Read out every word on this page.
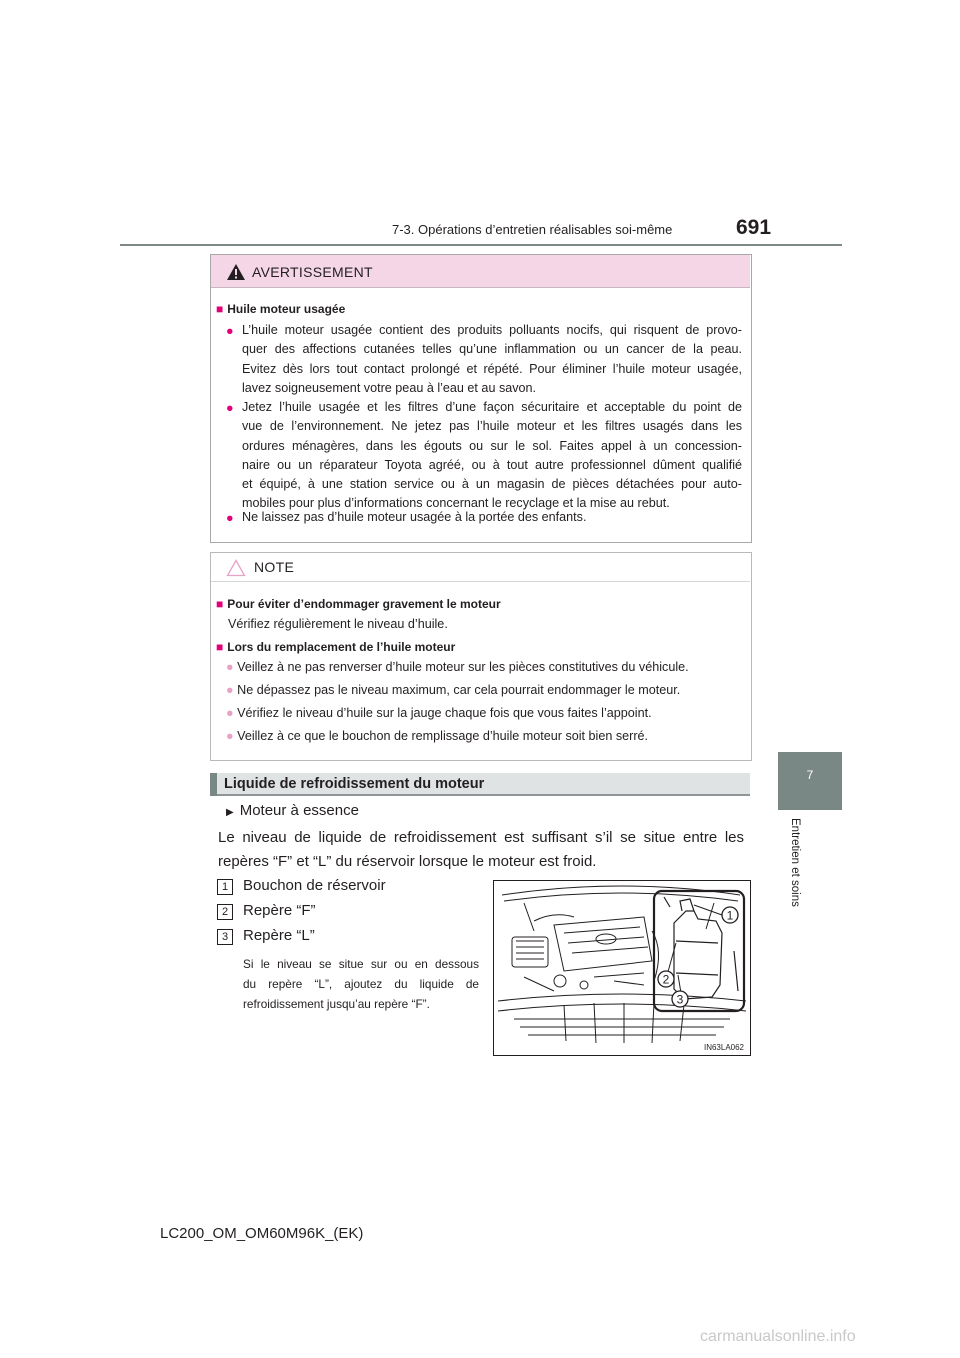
7-3. Opérations d’entretien réalisables soi-même	691
7
Entretien et soins
AVERTISSEMENT
■ Huile moteur usagée
● L’huile moteur usagée contient des produits polluants nocifs, qui risquent de provo-
quer des affections cutanées telles qu’une inflammation ou un cancer de la peau.
Evitez dès lors tout contact prolongé et répété. Pour éliminer l’huile moteur usagée,
lavez soigneusement votre peau à l’eau et au savon.
● Jetez l’huile usagée et les filtres d’une façon sécuritaire et acceptable du point de
vue de l’environnement. Ne jetez pas l’huile moteur et les filtres usagés dans les
ordures ménagères, dans les égouts ou sur le sol. Faites appel à un concession-
naire ou un réparateur Toyota agréé, ou à tout autre professionnel dûment qualifié
et équipé, à une station service ou à un magasin de pièces détachées pour auto-
mobiles pour plus d’informations concernant le recyclage et la mise au rebut.
● Ne laissez pas d’huile moteur usagée à la portée des enfants.
NOTE
■ Pour éviter d’endommager gravement le moteur
Vérifiez régulièrement le niveau d’huile.
■ Lors du remplacement de l’huile moteur
● Veillez à ne pas renverser d’huile moteur sur les pièces constitutives du véhicule.
● Ne dépassez pas le niveau maximum, car cela pourrait endommager le moteur.
● Vérifiez le niveau d’huile sur la jauge chaque fois que vous faites l’appoint.
● Veillez à ce que le bouchon de remplissage d’huile moteur soit bien serré.
Liquide de refroidissement du moteur
▶ Moteur à essence
Le niveau de liquide de refroidissement est suffisant s’il se situe entre les
repères “F” et “L” du réservoir lorsque le moteur est froid.
1 Bouchon de réservoir
2 Repère “F”
3 Repère “L”
Si le niveau se situe sur ou en dessous
du repère “L”, ajoutez du liquide de
refroidissement jusqu’au repère “F”.
1
2
3
IN63LA062
LC200_OM_OM60M96K_(EK)
carmanualsonline.info
